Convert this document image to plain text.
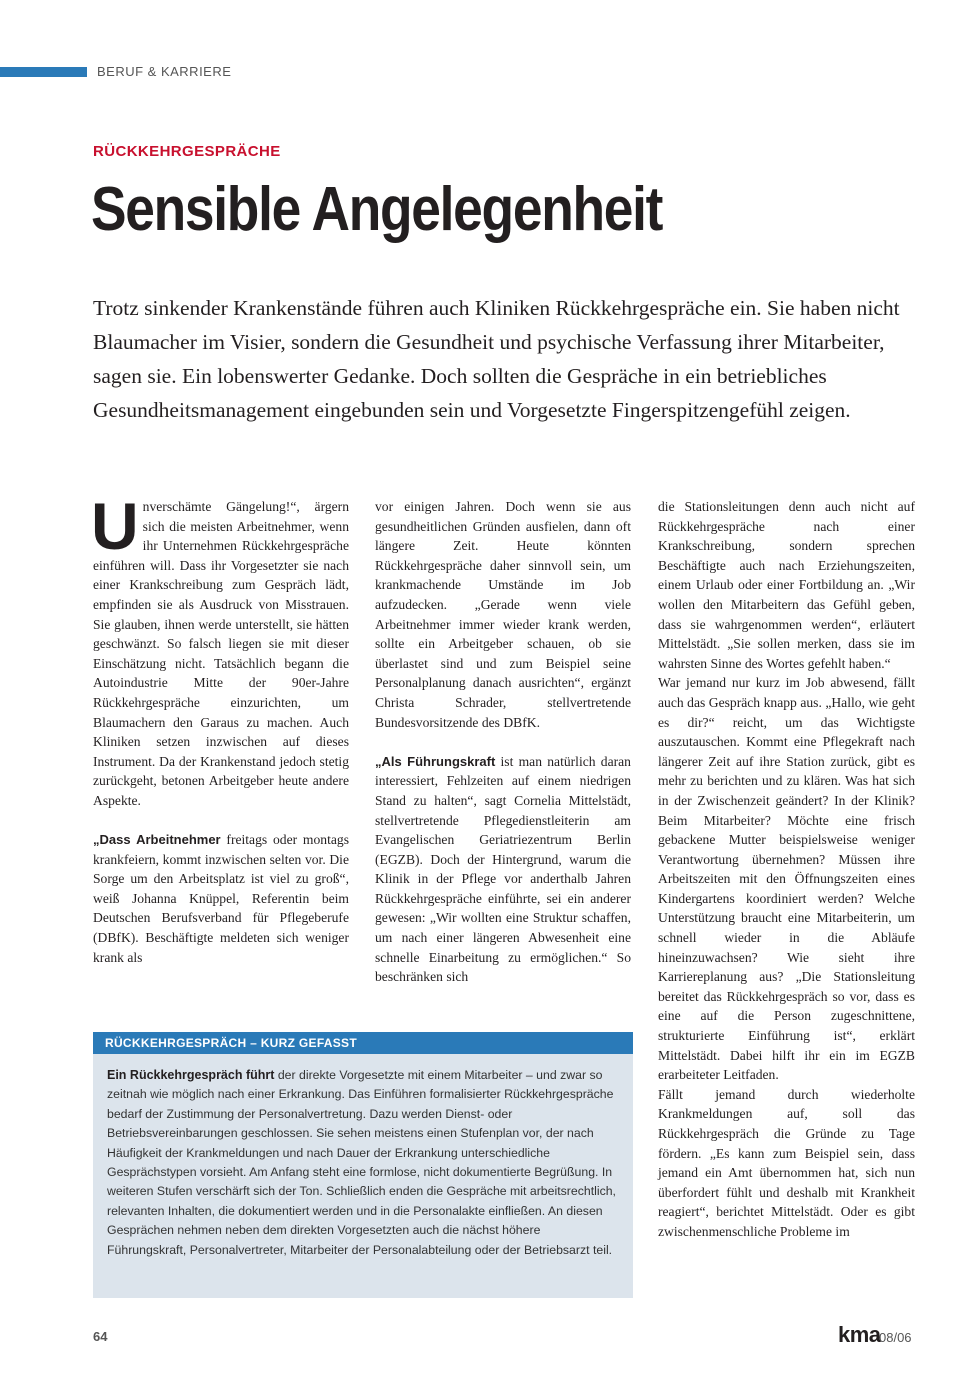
BERUF & KARRIERE
RÜCKKEHRGESPRÄCHE
Sensible Angelegenheit
Trotz sinkender Krankenstände führen auch Kliniken Rückkehrgespräche ein. Sie haben nicht Blaumacher im Visier, sondern die Gesundheit und psychische Verfassung ihrer Mitarbeiter, sagen sie. Ein lobenswerter Gedanke. Doch sollten die Gespräche in ein betriebliches Gesundheitsmanagement eingebunden sein und Vorgesetzte Fingerspitzengefühl zeigen.

Unverschämte Gängelung!“, ärgern sich die meisten Arbeitnehmer, wenn ihr Unternehmen Rückkehrgespräche einführen will. Dass ihr Vorgesetzter sie nach einer Krankschreibung zum Gespräch lädt, empfinden sie als Ausdruck von Misstrauen. Sie glauben, ihnen werde unterstellt, sie hätten geschwänzt. So falsch liegen sie mit dieser Einschätzung nicht. Tatsächlich begann die Autoindustrie Mitte der 90er-Jahre Rückkehrgespräche einzurichten, um Blaumachern den Garaus zu machen. Auch Kliniken setzen inzwischen auf dieses Instrument. Da der Krankenstand jedoch stetig zurückgeht, betonen Arbeitgeber heute andere Aspekte.

„Dass Arbeitnehmer freitags oder montags krankfeiern, kommt inzwischen selten vor. Die Sorge um den Arbeitsplatz ist viel zu groß“, weiß Johanna Knüppel, Referentin beim Deutschen Berufsverband für Pflegeberufe (DBfK). Beschäftigte meldeten sich weniger krank als

vor einigen Jahren. Doch wenn sie aus gesundheitlichen Gründen ausfielen, dann oft längere Zeit. Heute könnten Rückkehrgespräche daher sinnvoll sein, um krankmachende Umstände im Job aufzudecken. „Gerade wenn viele Arbeitnehmer immer wieder krank werden, sollte ein Arbeitgeber schauen, ob sie überlastet sind und zum Beispiel seine Personalplanung danach ausrichten“, ergänzt Christa Schrader, stellvertretende Bundesvorsitzende des DBfK.

„Als Führungskraft ist man natürlich daran interessiert, Fehlzeiten auf einem niedrigen Stand zu halten“, sagt Cornelia Mittelstädt, stellvertretende Pflegedienstleiterin am Evangelischen Geriatriezentrum Berlin (EGZB). Doch der Hintergrund, warum die Klinik in der Pflege vor anderthalb Jahren Rückkehrgespräche einführte, sei ein anderer gewesen: „Wir wollten eine Struktur schaffen, um nach einer längeren Abwesenheit eine schnelle Einarbeitung zu ermöglichen.“ So beschränken sich

die Stationsleitungen denn auch nicht auf Rückkehrgespräche nach einer Krankschreibung, sondern sprechen Beschäftigte auch nach Erziehungszeiten, einem Urlaub oder einer Fortbildung an. „Wir wollen den Mitarbeitern das Gefühl geben, dass sie wahrgenommen werden“, erläutert Mittelstädt. „Sie sollen merken, dass sie im wahrsten Sinne des Wortes gefehlt haben.“

War jemand nur kurz im Job abwesend, fällt auch das Gespräch knapp aus. „Hallo, wie geht es dir?“ reicht, um das Wichtigste auszutauschen. Kommt eine Pflegekraft nach längerer Zeit auf ihre Station zurück, gibt es mehr zu berichten und zu klären. Was hat sich in der Zwischenzeit geändert? In der Klinik? Beim Mitarbeiter? Möchte eine frisch gebackene Mutter beispielsweise weniger Verantwortung übernehmen? Müssen ihre Arbeitszeiten mit den Öffnungszeiten eines Kindergartens koordiniert werden? Welche Unterstützung braucht eine Mitarbeiterin, um schnell wieder in die Abläufe hineinzuwachsen? Wie sieht ihre Karriereplanung aus? „Die Stationsleitung bereitet das Rückkehrgespräch so vor, dass es eine auf die Person zugeschnittene, strukturierte Einführung ist“, erklärt Mittelstädt. Dabei hilft ihr ein im EGZB erarbeiteter Leitfaden.

Fällt jemand durch wiederholte Krankmeldungen auf, soll das Rückkehrgespräch die Gründe zu Tage fördern. „Es kann zum Beispiel sein, dass jemand ein Amt übernommen hat, sich nun überfordert fühlt und deshalb mit Krankheit reagiert“, berichtet Mittelstädt. Oder es gibt zwischenmenschliche Probleme im

RÜCKKEHRGESPRÄCH – KURZ GEFASST
Ein Rückkehrgespräch führt der direkte Vorgesetzte mit einem Mitarbeiter – und zwar so zeitnah wie möglich nach einer Erkrankung. Das Einführen formalisierter Rückkehrgespräche bedarf der Zustimmung der Personalvertretung. Dazu werden Dienst- oder Betriebsvereinbarungen geschlossen. Sie sehen meistens einen Stufenplan vor, der nach Häufigkeit der Krankmeldungen und nach Dauer der Erkrankung unterschiedliche Gesprächstypen vorsieht. Am Anfang steht eine formlose, nicht dokumentierte Begrüßung. In weiteren Stufen verschärft sich der Ton. Schließlich enden die Gespräche mit arbeitsrechtlich, relevanten Inhalten, die dokumentiert werden und in die Personalakte einfließen. An diesen Gesprächen nehmen neben dem direkten Vorgesetzten auch die nächst höhere Führungskraft, Personalvertreter, Mitarbeiter der Personalabteilung oder der Betriebsarzt teil.
64	kma
08/06
